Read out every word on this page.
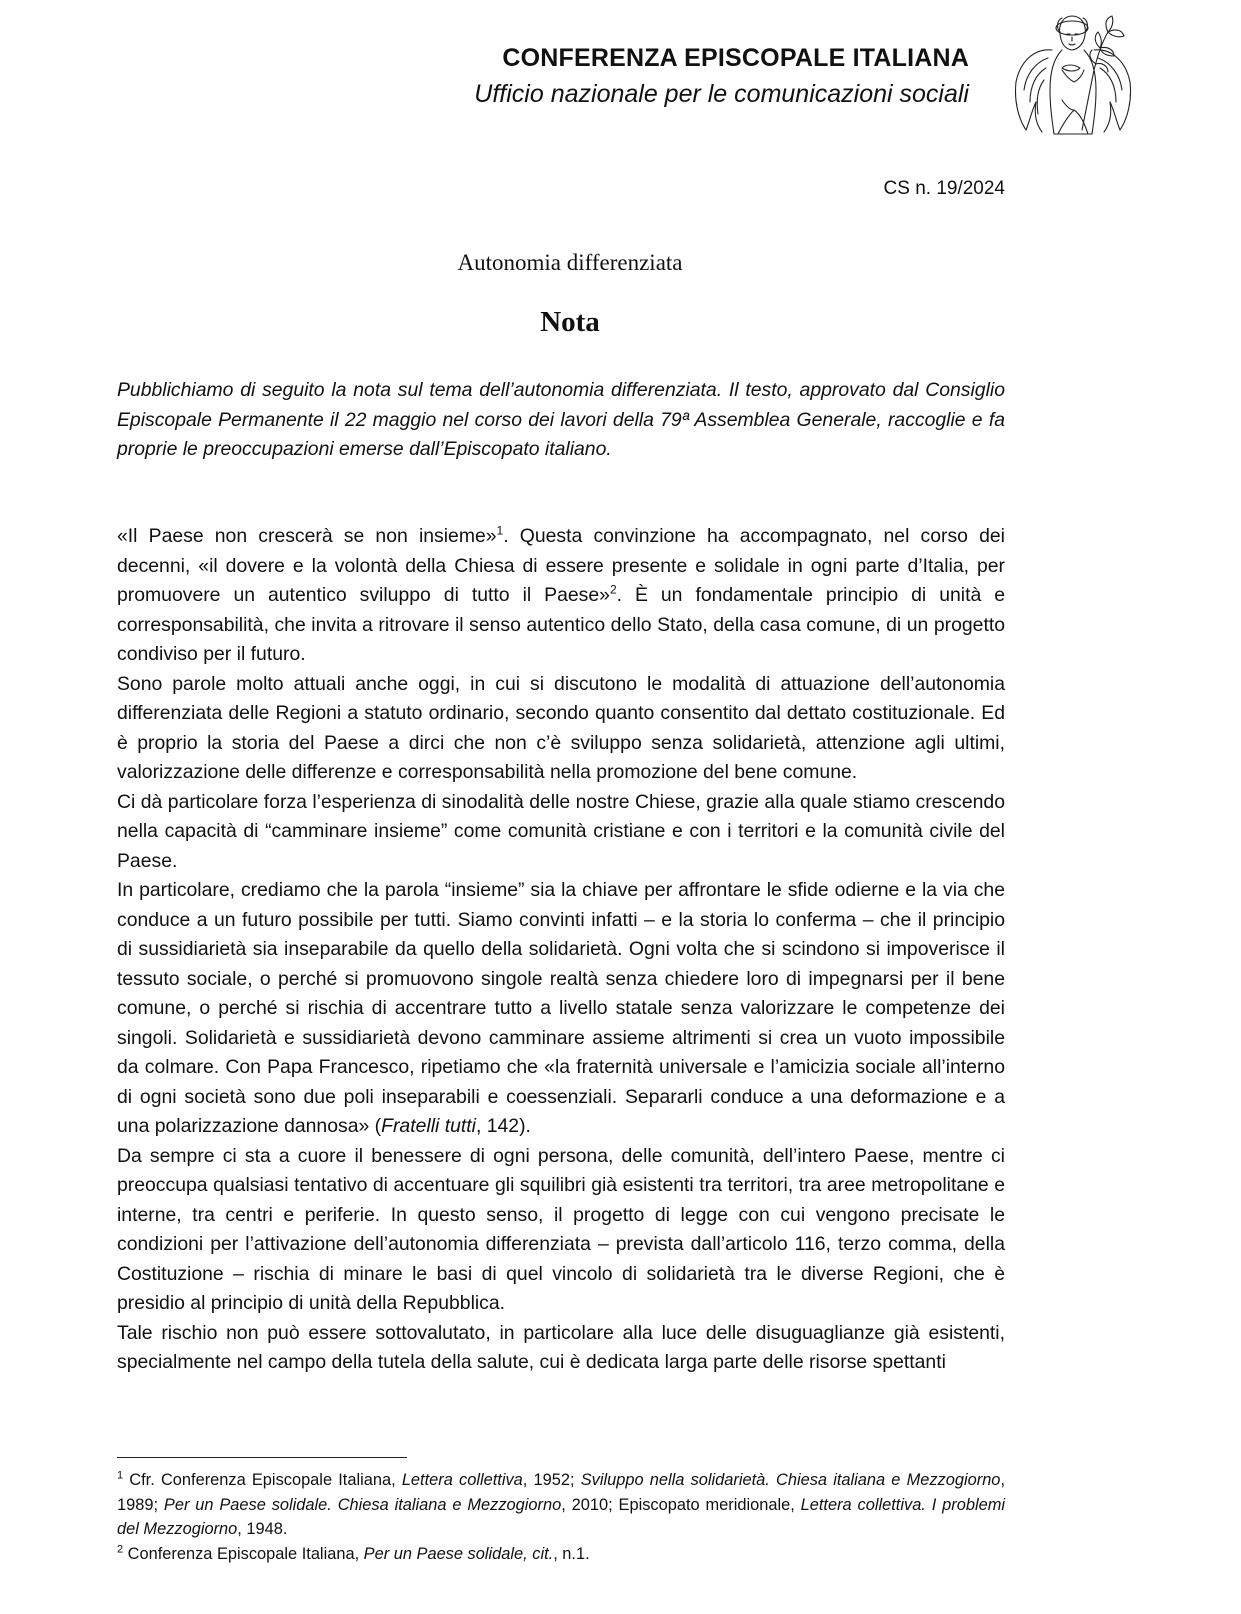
CONFERENZA EPISCOPALE ITALIANA
Ufficio nazionale per le comunicazioni sociali
CS n. 19/2024
Autonomia differenziata
Nota
Pubblichiamo di seguito la nota sul tema dell’autonomia differenziata. Il testo, approvato dal Consiglio Episcopale Permanente il 22 maggio nel corso dei lavori della 79ª Assemblea Generale, raccoglie e fa proprie le preoccupazioni emerse dall’Episcopato italiano.

«Il Paese non crescerà se non insieme»$^1$. Questa convinzione ha accompagnato, nel corso dei decenni, «il dovere e la volontà della Chiesa di essere presente e solidale in ogni parte d’Italia, per promuovere un autentico sviluppo di tutto il Paese»$^2$. È un fondamentale principio di unità e corresponsabilità, che invita a ritrovare il senso autentico dello Stato, della casa comune, di un progetto condiviso per il futuro.

Sono parole molto attuali anche oggi, in cui si discutono le modalità di attuazione dell’autonomia differenziata delle Regioni a statuto ordinario, secondo quanto consentito dal dettato costituzionale. Ed è proprio la storia del Paese a dirci che non c’è sviluppo senza solidarietà, attenzione agli ultimi, valorizzazione delle differenze e corresponsabilità nella promozione del bene comune.

Ci dà particolare forza l’esperienza di sinodalità delle nostre Chiese, grazie alla quale stiamo crescendo nella capacità di “camminare insieme” come comunità cristiane e con i territori e la comunità civile del Paese.

In particolare, crediamo che la parola “insieme” sia la chiave per affrontare le sfide odierne e la via che conduce a un futuro possibile per tutti. Siamo convinti infatti – e la storia lo conferma – che il principio di sussidiarietà sia inseparabile da quello della solidarietà. Ogni volta che si scindono si impoverisce il tessuto sociale, o perché si promuovono singole realtà senza chiedere loro di impegnarsi per il bene comune, o perché si rischia di accentrare tutto a livello statale senza valorizzare le competenze dei singoli. Solidarietà e sussidiarietà devono camminare assieme altrimenti si crea un vuoto impossibile da colmare. Con Papa Francesco, ripetiamo che «la fraternità universale e l’amicizia sociale all’interno di ogni società sono due poli inseparabili e coessenziali. Separarli conduce a una deformazione e a una polarizzazione dannosa» (Fratelli tutti, 142).

Da sempre ci sta a cuore il benessere di ogni persona, delle comunità, dell’intero Paese, mentre ci preoccupa qualsiasi tentativo di accentuare gli squilibri già esistenti tra territori, tra aree metropolitane e interne, tra centri e periferie. In questo senso, il progetto di legge con cui vengono precisate le condizioni per l’attivazione dell’autonomia differenziata – prevista dall’articolo 116, terzo comma, della Costituzione – rischia di minare le basi di quel vincolo di solidarietà tra le diverse Regioni, che è presidio al principio di unità della Repubblica.

Tale rischio non può essere sottovalutato, in particolare alla luce delle disuguaglianze già esistenti, specialmente nel campo della tutela della salute, cui è dedicata larga parte delle risorse spettanti

$^1$ Cfr. Conferenza Episcopale Italiana, Lettera collettiva, 1952; Sviluppo nella solidarietà. Chiesa italiana e Mezzogiorno, 1989; Per un Paese solidale. Chiesa italiana e Mezzogiorno, 2010; Episcopato meridionale, Lettera collettiva. I problemi del Mezzogiorno, 1948.

$^2$ Conferenza Episcopale Italiana, Per un Paese solidale, cit., n.1.
